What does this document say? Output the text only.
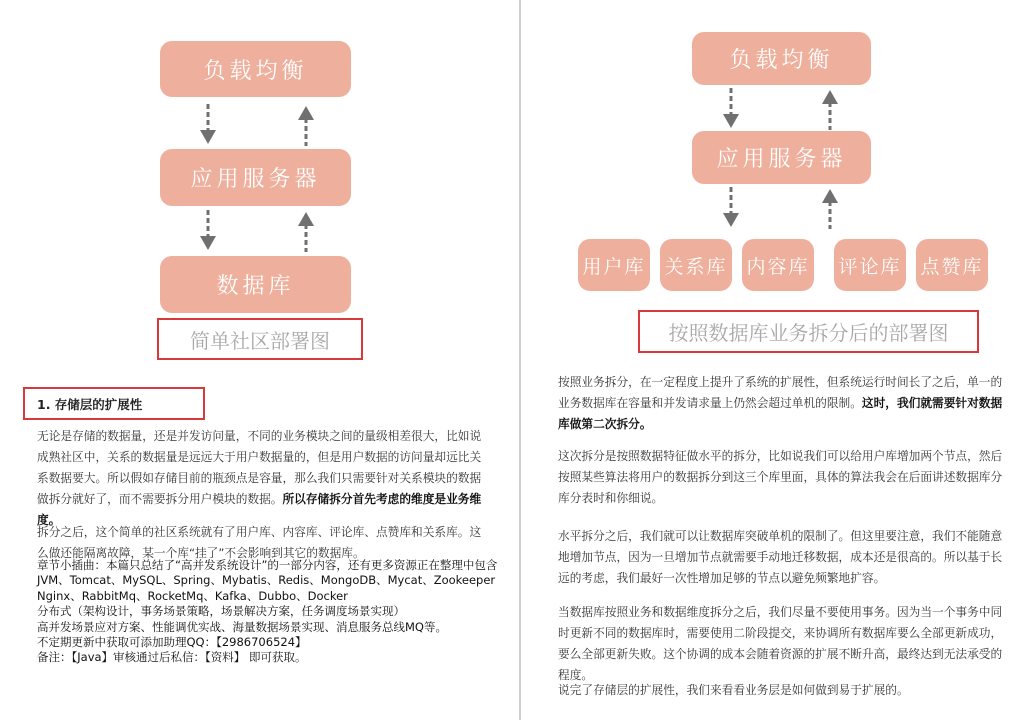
负载均衡
应用服务器
数据库
简单社区部署图
1. 存储层的扩展性

无论是存储的数据量，还是并发访问量，不同的业务模块之间的量级相差很大，比如说成熟社区中，关系的数据量是远远大于用户数据量的，但是用户数据的访问量却远比关系数据要大。所以假如存储目前的瓶颈点是容量，那么我们只需要针对关系模块的数据做拆分就好了，而不需要拆分用户模块的数据。所以存储拆分首先考虑的维度是业务维度。

拆分之后，这个简单的社区系统就有了用户库、内容库、评论库、点赞库和关系库。这么做还能隔离故障，某一个库“挂了”不会影响到其它的数据库。

章节小插曲：本篇只总结了“高并发系统设计”的一部分内容，还有更多资源正在整理中包含
JVM、Tomcat、MySQL、Spring、Mybatis、Redis、MongoDB、Mycat、Zookeeper
Nginx、RabbitMq、RocketMq、Kafka、Dubbo、Docker
分布式（架构设计，事务场景策略，场景解决方案，任务调度场景实现）
高并发场景应对方案、性能调优实战、海量数据场景实现、消息服务总线MQ等。
不定期更新中获取可添加助理QQ：【2986706524】
备注：【Java】审核通过后私信：【资料】 即可获取。
负载均衡
应用服务器
用户库 关系库 内容库 评论库 点赞库
按照数据库业务拆分后的部署图

按照业务拆分，在一定程度上提升了系统的扩展性，但系统运行时间长了之后，单一的业务数据库在容量和并发请求量上仍然会超过单机的限制。这时，我们就需要针对数据库做第二次拆分。

这次拆分是按照数据特征做水平的拆分，比如说我们可以给用户库增加两个节点，然后按照某些算法将用户的数据拆分到这三个库里面，具体的算法我会在后面讲述数据库分库分表时和你细说。

水平拆分之后，我们就可以让数据库突破单机的限制了。但这里要注意，我们不能随意地增加节点，因为一旦增加节点就需要手动地迁移数据，成本还是很高的。所以基于长远的考虑，我们最好一次性增加足够的节点以避免频繁地扩容。

当数据库按照业务和数据维度拆分之后，我们尽量不要使用事务。因为当一个事务中同时更新不同的数据库时，需要使用二阶段提交，来协调所有数据库要么全部更新成功，要么全部更新失败。这个协调的成本会随着资源的扩展不断升高，最终达到无法承受的程度。

说完了存储层的扩展性，我们来看看业务层是如何做到易于扩展的。
